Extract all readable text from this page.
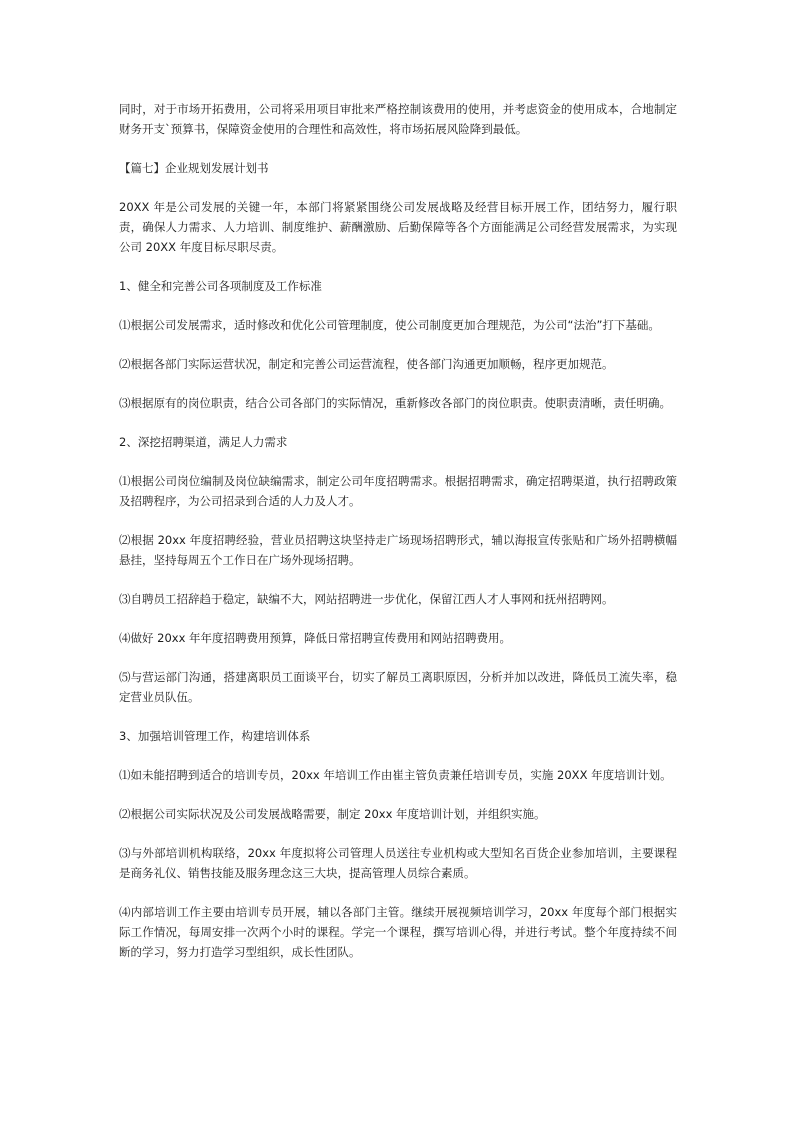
同时，对于市场开拓费用，公司将采用项目审批来严格控制该费用的使用，并考虑资金的使用成本，合地制定财务开支`预算书，保障资金使用的合理性和高效性，将市场拓展风险降到最低。

【篇七】企业规划发展计划书

20XX 年是公司发展的关键一年，本部门将紧紧围绕公司发展战略及经营目标开展工作，团结努力，履行职责，确保人力需求、人力培训、制度维护、薪酬激励、后勤保障等各个方面能满足公司经营发展需求，为实现公司 20XX 年度目标尽职尽责。

1、健全和完善公司各项制度及工作标准

⑴根据公司发展需求，适时修改和优化公司管理制度，使公司制度更加合理规范，为公司“法治”打下基础。

⑵根据各部门实际运营状况，制定和完善公司运营流程，使各部门沟通更加顺畅，程序更加规范。

⑶根据原有的岗位职责，结合公司各部门的实际情况，重新修改各部门的岗位职责。使职责清晰，责任明确。

2、深挖招聘渠道，满足人力需求

⑴根据公司岗位编制及岗位缺编需求，制定公司年度招聘需求。根据招聘需求，确定招聘渠道，执行招聘政策及招聘程序，为公司招录到合适的人力及人才。

⑵根据 20xx 年度招聘经验，营业员招聘这块坚持走广场现场招聘形式，辅以海报宣传张贴和广场外招聘横幅悬挂，坚持每周五个工作日在广场外现场招聘。

⑶自聘员工招辞趋于稳定，缺编不大，网站招聘进一步优化，保留江西人才人事网和抚州招聘网。

⑷做好 20xx 年年度招聘费用预算，降低日常招聘宣传费用和网站招聘费用。

⑸与营运部门沟通，搭建离职员工面谈平台，切实了解员工离职原因，分析并加以改进，降低员工流失率，稳定营业员队伍。

3、加强培训管理工作，构建培训体系

⑴如未能招聘到适合的培训专员，20xx 年培训工作由崔主管负责兼任培训专员，实施 20XX 年度培训计划。

⑵根据公司实际状况及公司发展战略需要，制定 20xx 年度培训计划，并组织实施。

⑶与外部培训机构联络，20xx 年度拟将公司管理人员送往专业机构或大型知名百货企业参加培训，主要课程是商务礼仪、销售技能及服务理念这三大块，提高管理人员综合素质。

⑷内部培训工作主要由培训专员开展，辅以各部门主管。继续开展视频培训学习，20xx 年度每个部门根据实际工作情况，每周安排一次两个小时的课程。学完一个课程，撰写培训心得，并进行考试。整个年度持续不间断的学习，努力打造学习型组织，成长性团队。
